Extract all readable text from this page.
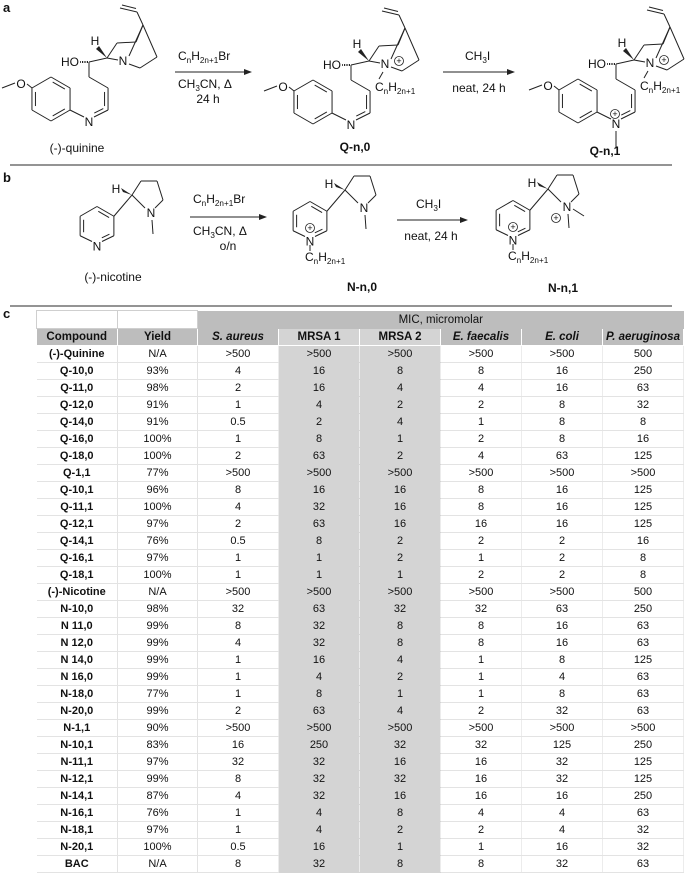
a
b
c
O
N
HO
H
N
O
N
HO
H
N +
$C_nH_{2n+1}$	O
N
HO
H
N +
$C_nH_{2n+1}$
+
(-)-quinine	Q-n,0	Q-n,1
$C_nH_{2n+1}Br$
$CH_3CN$, Δ
24 h
$CH_3I$
neat, 24 h
N
H
N
N
H
N
+
$C_nH_{2n+1}$
N
H
N
+
$C_nH_{2n+1}$
+
(-)-nicotine
N-n,0	N-n,1
$C_nH_{2n+1}Br$
$CH_3CN$, Δ
o/n
$CH_3I$
neat, 24 h
		MIC, micromolar					
Compound	Yield	S. aureus	MRSA 1	MRSA 2	E. faecalis	E. coli	P. aeruginosa
(-)-Quinine	N/A	>500	>500	>500	>500	>500	500
Q-10,0	93%	4	16	8	8	16	250
Q-11,0	98%	2	16	4	4	16	63
Q-12,0	91%	1	4	2	2	8	32
Q-14,0	91%	0.5	2	4	1	8	8
Q-16,0	100%	1	8	1	2	8	16
Q-18,0	100%	2	63	2	4	63	125
Q-1,1	77%	>500	>500	>500	>500	>500	>500
Q-10,1	96%	8	16	16	8	16	125
Q-11,1	100%	4	32	16	8	16	125
Q-12,1	97%	2	63	16	16	16	125
Q-14,1	76%	0.5	8	2	2	2	16
Q-16,1	97%	1	1	2	1	2	8
Q-18,1	100%	1	1	1	2	2	8
(-)-Nicotine	N/A	>500	>500	>500	>500	>500	500
N-10,0	98%	32	63	32	32	63	250
N 11,0	99%	8	32	8	8	16	63
N 12,0	99%	4	32	8	8	16	63
N 14,0	99%	1	16	4	1	8	125
N 16,0	99%	1	4	2	1	4	63
N-18,0	77%	1	8	1	1	8	63
N-20,0	99%	2	63	4	2	32	63
N-1,1	90%	>500	>500	>500	>500	>500	>500
N-10,1	83%	16	250	32	32	125	250
N-11,1	97%	32	32	16	16	32	125
N-12,1	99%	8	32	32	16	32	125
N-14,1	87%	4	32	16	16	16	250
N-16,1	76%	1	4	8	4	4	63
N-18,1	97%	1	4	2	2	4	32
N-20,1	100%	0.5	16	1	1	16	32
BAC	N/A	8	32	8	8	32	63
